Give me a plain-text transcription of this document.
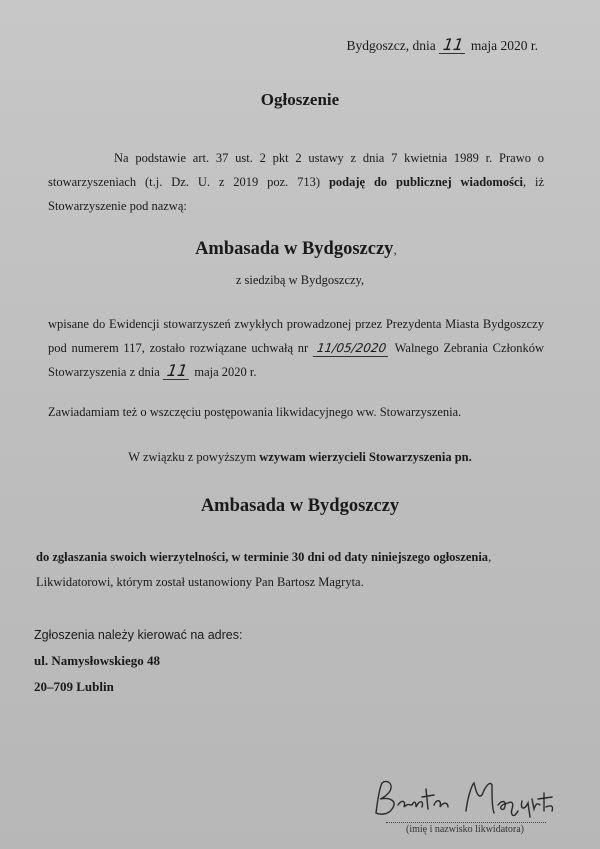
Bydgoszcz, dnia 11 maja 2020 r.
Ogłoszenie
Na podstawie art. 37 ust. 2 pkt 2 ustawy z dnia 7 kwietnia 1989 r. Prawo o stowarzyszeniach (t.j. Dz. U. z 2019 poz. 713) podaję do publicznej wiadomości, iż Stowarzyszenie pod nazwą:
Ambasada w Bydgoszczy,
z siedzibą w Bydgoszczy,
wpisane do Ewidencji stowarzyszeń zwykłych prowadzonej przez Prezydenta Miasta Bydgoszczy pod numerem 117, zostało rozwiązane uchwałą nr 11/05/2020 Walnego Zebrania Członków Stowarzyszenia z dnia 11 maja 2020 r.
Zawiadamiam też o wszczęciu postępowania likwidacyjnego ww. Stowarzyszenia.
W związku z powyższym wzywam wierzycieli Stowarzyszenia pn.
Ambasada w Bydgoszczy
do zgłaszania swoich wierzytelności, w terminie 30 dni od daty niniejszego ogłoszenia,
Likwidatorowi, którym został ustanowiony Pan Bartosz Magryta.
Zgłoszenia należy kierować na adres:
ul. Namysłowskiego 48
20–709 Lublin
(imię i nazwisko likwidatora)
